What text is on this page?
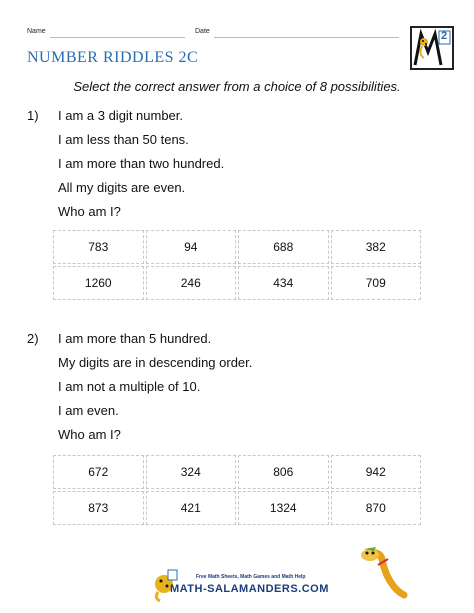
Name	Date
NUMBER RIDDLES 2C
2
Select the correct answer from a choice of 8 possibilities.
1) I am a 3 digit number.
I am less than 50 tens.
I am more than two hundred.
All my digits are even.
Who am I?
783	94	688	382
1260	246	434	709
2) I am more than 5 hundred.
My digits are in descending order.
I am not a multiple of 10.
I am even.
Who am I?
672	324	806	942
873	421	1324	870
Free Math Sheets, Math Games and Math Help
MATH-SALAMANDERS.COM
